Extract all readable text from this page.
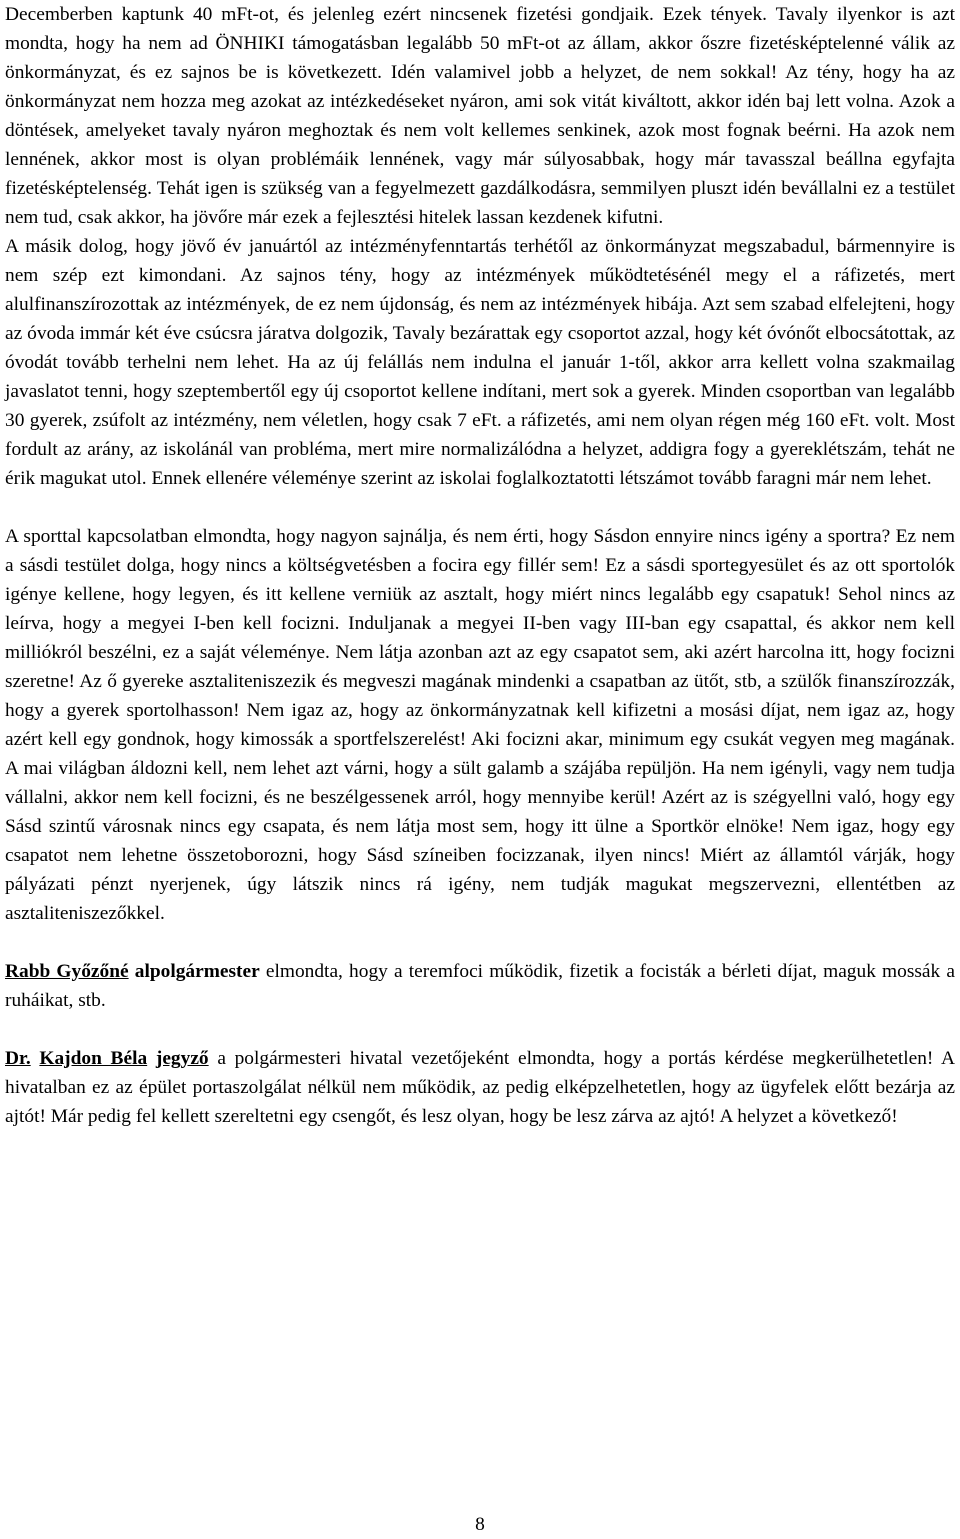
Decemberben kaptunk 40 mFt-ot, és jelenleg ezért nincsenek fizetési gondjaik. Ezek tények. Tavaly ilyenkor is azt mondta, hogy ha nem ad ÖNHIKI támogatásban legalább 50 mFt-ot az állam, akkor őszre fizetésképtelenné válik az önkormányzat, és ez sajnos be is következett. Idén valamivel jobb a helyzet, de nem sokkal! Az tény, hogy ha az önkormányzat nem hozza meg azokat az intézkedéseket nyáron, ami sok vitát kiváltott, akkor idén baj lett volna. Azok a döntések, amelyeket tavaly nyáron meghoztak és nem volt kellemes senkinek, azok most fognak beérni. Ha azok nem lennének, akkor most is olyan problémáik lennének, vagy már súlyosabbak, hogy már tavasszal beállna egyfajta fizetésképtelenség. Tehát igen is szükség van a fegyelmezett gazdálkodásra, semmilyen pluszt idén bevállalni ez a testület nem tud, csak akkor, ha jövőre már ezek a fejlesztési hitelek lassan kezdenek kifutni.

A másik dolog, hogy jövő év januártól az intézményfenntartás terhétől az önkormányzat megszabadul, bármennyire is nem szép ezt kimondani. Az sajnos tény, hogy az intézmények működtetésénél megy el a ráfizetés, mert alulfinanszírozottak az intézmények, de ez nem újdonság, és nem az intézmények hibája. Azt sem szabad elfelejteni, hogy az óvoda immár két éve csúcsra járatva dolgozik, Tavaly bezárattak egy csoportot azzal, hogy két óvónőt elbocsátottak, az óvodát tovább terhelni nem lehet. Ha az új felállás nem indulna el január 1-től, akkor arra kellett volna szakmailag javaslatot tenni, hogy szeptembertől egy új csoportot kellene indítani, mert sok a gyerek. Minden csoportban van legalább 30 gyerek, zsúfolt az intézmény, nem véletlen, hogy csak 7 eFt. a ráfizetés, ami nem olyan régen még 160 eFt. volt. Most fordult az arány, az iskolánál van probléma, mert mire normalizálódna a helyzet, addigra fogy a gyereklétszám, tehát ne érik magukat utol. Ennek ellenére véleménye szerint az iskolai foglalkoztatotti létszámot tovább faragni már nem lehet.

A sporttal kapcsolatban elmondta, hogy nagyon sajnálja, és nem érti, hogy Sásdon ennyire nincs igény a sportra? Ez nem a sásdi testület dolga, hogy nincs a költségvetésben a focira egy fillér sem! Ez a sásdi sportegyesület és az ott sportolók igénye kellene, hogy legyen, és itt kellene verniük az asztalt, hogy miért nincs legalább egy csapatuk! Sehol nincs az leírva, hogy a megyei I-ben kell focizni. Induljanak a megyei II-ben vagy III-ban egy csapattal, és akkor nem kell milliókról beszélni, ez a saját véleménye. Nem látja azonban azt az egy csapatot sem, aki azért harcolna itt, hogy focizni szeretne! Az ő gyereke asztaliteniszezik és megveszi magának mindenki a csapatban az ütőt, stb, a szülők finanszírozzák, hogy a gyerek sportolhasson! Nem igaz az, hogy az önkormányzatnak kell kifizetni a mosási díjat, nem igaz az, hogy azért kell egy gondnok, hogy kimossák a sportfelszerelést! Aki focizni akar, minimum egy csukát vegyen meg magának. A mai világban áldozni kell, nem lehet azt várni, hogy a sült galamb a szájába repüljön. Ha nem igényli, vagy nem tudja vállalni, akkor nem kell focizni, és ne beszélgessenek arról, hogy mennyibe kerül! Azért az is szégyellni való, hogy egy Sásd szintű városnak nincs egy csapata, és nem látja most sem, hogy itt ülne a Sportkör elnöke! Nem igaz, hogy egy csapatot nem lehetne összetoborozni, hogy Sásd színeiben focizzanak, ilyen nincs! Miért az államtól várják, hogy pályázati pénzt nyerjenek, úgy látszik nincs rá igény, nem tudják magukat megszervezni, ellentétben az asztaliteniszezőkkel.

Rabb Győzőné alpolgármester elmondta, hogy a teremfoci működik, fizetik a focisták a bérleti díjat, maguk mossák a ruháikat, stb.

Dr. Kajdon Béla jegyző a polgármesteri hivatal vezetőjeként elmondta, hogy a portás kérdése megkerülhetetlen! A hivatalban ez az épület portaszolgálat nélkül nem működik, az pedig elképzelhetetlen, hogy az ügyfelek előtt bezárja az ajtót! Már pedig fel kellett szereltetni egy csengőt, és lesz olyan, hogy be lesz zárva az ajtó! A helyzet a következő!

8
